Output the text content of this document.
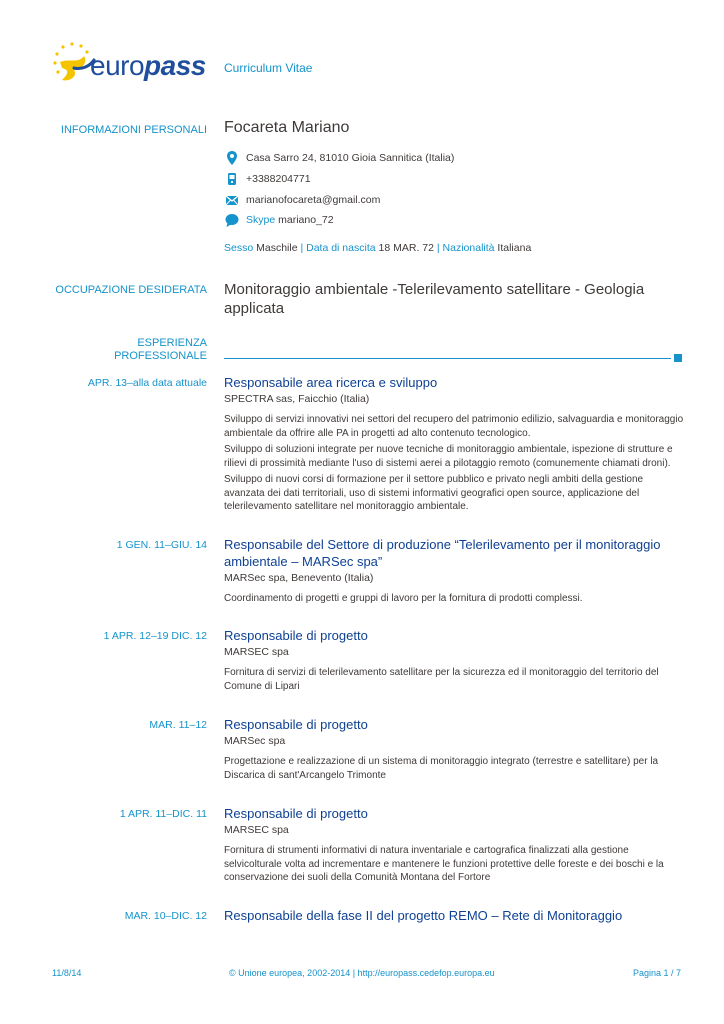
europass Curriculum Vitae
INFORMAZIONI PERSONALI Focareta Mariano
Casa Sarro 24, 81010 Gioia Sannitica (Italia)
+3388204771
marianofocareta@gmail.com
Skype
mariano_72
Sesso Maschile | Data di nascita 18 MAR. 72 | Nazionalità Italiana
OCCUPAZIONE DESIDERATA Monitoraggio ambientale -Telerilevamento satellitare - Geologia applicata
ESPERIENZA
PROFESSIONALE
APR. 13–alla data attuale Responsabile area ricerca e sviluppo
SPECTRA sas, Faicchio (Italia)
Sviluppo di servizi innovativi nei settori del recupero del patrimonio edilizio, salvaguardia e monitoraggio ambientale da offrire alle PA in progetti ad alto contenuto tecnologico.
Sviluppo di soluzioni integrate per nuove tecniche di monitoraggio ambientale, ispezione di strutture e rilievi di prossimità mediante l'uso di sistemi aerei a pilotaggio remoto (comunemente chiamati droni).
Sviluppo di nuovi corsi di formazione per il settore pubblico e privato negli ambiti della gestione avanzata dei dati territoriali, uso di sistemi informativi geografici open source, applicazione del telerilevamento satellitare nel monitoraggio ambientale.
1 GEN. 11–GIU. 14 Responsabile del Settore di produzione “Telerilevamento per il monitoraggio ambientale – MARSec spa”
MARSec spa, Benevento (Italia)
Coordinamento di progetti e gruppi di lavoro per la fornitura di prodotti complessi.
1 APR. 12–19 DIC. 12 Responsabile di progetto
MARSEC spa
Fornitura di servizi di telerilevamento satellitare per la sicurezza ed il monitoraggio del territorio del Comune di Lipari
MAR. 11–12 Responsabile di progetto
MARSec spa
Progettazione e realizzazione di un sistema di monitoraggio integrato (terrestre e satellitare) per la Discarica di sant'Arcangelo Trimonte
1 APR. 11–DIC. 11 Responsabile di progetto
MARSEC spa
Fornitura di strumenti informativi di natura inventariale e cartografica finalizzati alla gestione selvicolturale volta ad incrementare e mantenere le funzioni protettive delle foreste e dei boschi e la conservazione dei suoli della Comunità Montana del Fortore
MAR. 10–DIC. 12 Responsabile della fase II del progetto REMO – Rete di Monitoraggio
11/8/14	© Unione europea, 2002-2014 | http://europass.cedefop.europa.eu	Pagina 1 / 7
